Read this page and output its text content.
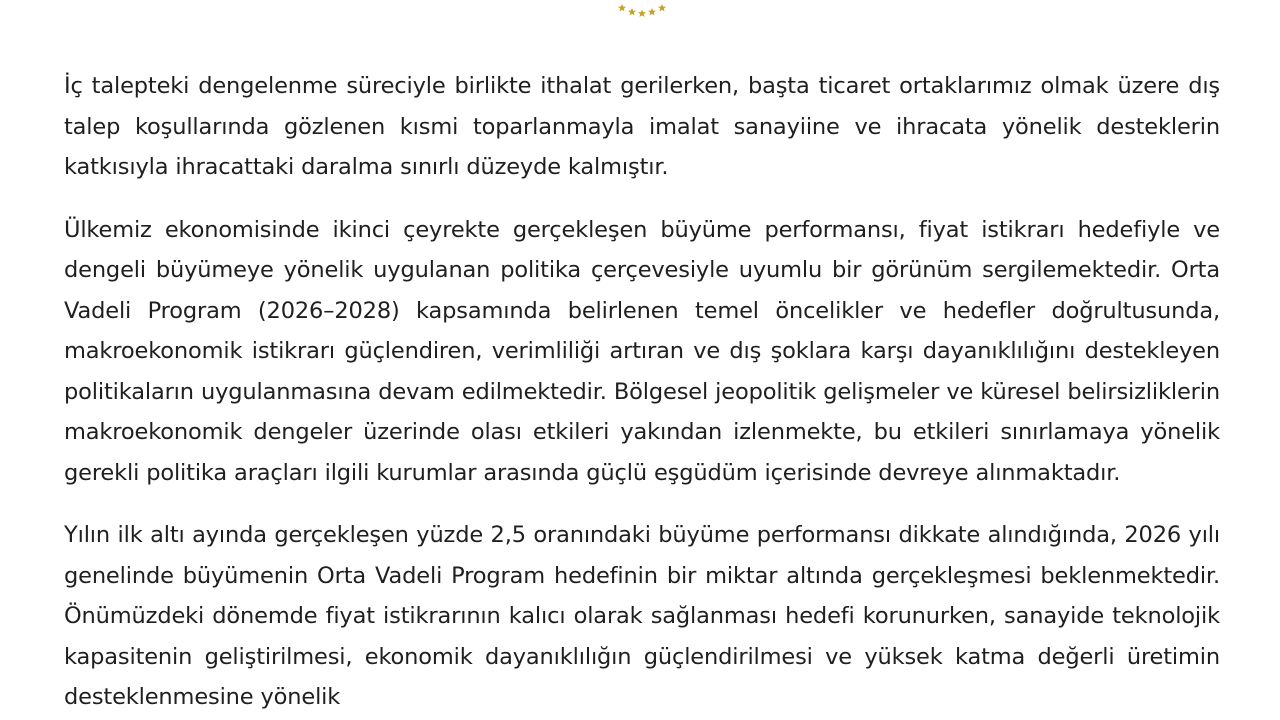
İç talepteki dengelenme süreciyle birlikte ithalat gerilerken, başta ticaret ortaklarımız olmak üzere dış talep koşullarında gözlenen kısmi toparlanmayla imalat sanayiine ve ihracata yönelik desteklerin katkısıyla ihracattaki daralma sınırlı düzeyde kalmıştır.

Ülkemiz ekonomisinde ikinci çeyrekte gerçekleşen büyüme performansı, fiyat istikrarı hedefiyle ve dengeli büyümeye yönelik uygulanan politika çerçevesiyle uyumlu bir görünüm sergilemektedir. Orta Vadeli Program (2026–2028) kapsamında belirlenen temel öncelikler ve hedefler doğrultusunda, makroekonomik istikrarı güçlendiren, verimliliği artıran ve dış şoklara karşı dayanıklılığını destekleyen politikaların uygulanmasına devam edilmektedir. Bölgesel jeopolitik gelişmeler ve küresel belirsizliklerin makroekonomik dengeler üzerinde olası etkileri yakından izlenmekte, bu etkileri sınırlamaya yönelik gerekli politika araçları ilgili kurumlar arasında güçlü eşgüdüm içerisinde devreye alınmaktadır.

Yılın ilk altı ayında gerçekleşen yüzde 2,5 oranındaki büyüme performansı dikkate alındığında, 2026 yılı genelinde büyümenin Orta Vadeli Program hedefinin bir miktar altında gerçekleşmesi beklenmektedir. Önümüzdeki dönemde fiyat istikrarının kalıcı olarak sağlanması hedefi korunurken, sanayide teknolojik kapasitenin geliştirilmesi, ekonomik dayanıklılığın güçlendirilmesi ve yüksek katma değerli üretimin desteklenmesine yönelik
